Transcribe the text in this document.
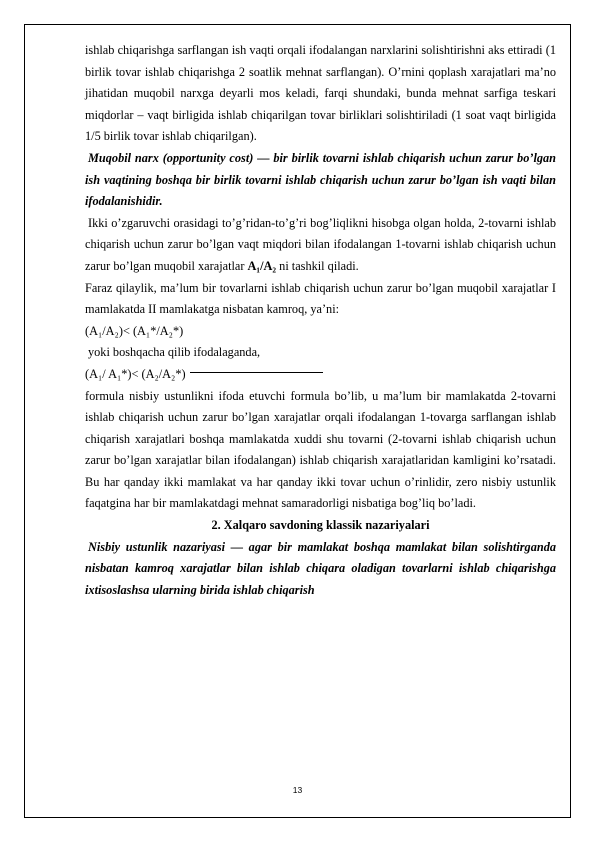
ishlab chiqarishga sarflangan ish vaqti orqali ifodalangan narxlarini solishtirishni aks ettiradi (1 birlik tovar ishlab chiqarishga 2 soatlik mehnat sarflangan). O’rnini qoplash xarajatlari ma’no jihatidan muqobil narxga deyarli mos keladi, farqi shundaki, bunda mehnat sarfiga teskari miqdorlar – vaqt birligida ishlab chiqarilgan tovar birliklari solishtiriladi (1 soat vaqt birligida 1/5 birlik tovar ishlab chiqarilgan).

Muqobil narx (opportunity cost) — bir birlik tovarni ishlab chiqarish uchun zarur bo’lgan ish vaqtining boshqa bir birlik tovarni ishlab chiqarish uchun zarur bo’lgan ish vaqti bilan ifodalanishidir.

Ikki o’zgaruvchi orasidagi to’g’ridan-to’g’ri bog’liqlikni hisobga olgan holda, 2-tovarni ishlab chiqarish uchun zarur bo’lgan vaqt miqdori bilan ifodalangan 1-tovarni ishlab chiqarish uchun zarur bo’lgan muqobil xarajatlar A₁/A₂ ni tashkil qiladi.

Faraz qilaylik, ma’lum bir tovarlarni ishlab chiqarish uchun zarur bo’lgan muqobil xarajatlar I mamlakatda II mamlakatga nisbatan kamroq, ya’ni:

(A₁/A₂)< (A₁*/A₂*)

yoki boshqacha qilib ifodalaganda,

(A₁/ A₁*)< (A₂/A₂*)

formula nisbiy ustunlikni ifoda etuvchi formula bo’lib, u ma’lum bir mamlakatda 2-tovarni ishlab chiqarish uchun zarur bo’lgan xarajatlar orqali ifodalangan 1-tovarga sarflangan ishlab chiqarish xarajatlari boshqa mamlakatda xuddi shu tovarni (2-tovarni ishlab chiqarish uchun zarur bo’lgan xarajatlar bilan ifodalangan) ishlab chiqarish xarajatlaridan kamligini ko’rsatadi. Bu har qanday ikki mamlakat va har qanday ikki tovar uchun o’rinlidir, zero nisbiy ustunlik faqatgina har bir mamlakatdagi mehnat samaradorligi nisbatiga bog’liq bo’ladi.

2. Xalqaro savdoning klassik nazariyalari

Nisbiy ustunlik nazariyasi — agar bir mamlakat boshqa mamlakat bilan solishtirganda nisbatan kamroq xarajatlar bilan ishlab chiqara oladigan tovarlarni ishlab chiqarishga ixtisoslashsa ularning birida ishlab chiqarish

13
